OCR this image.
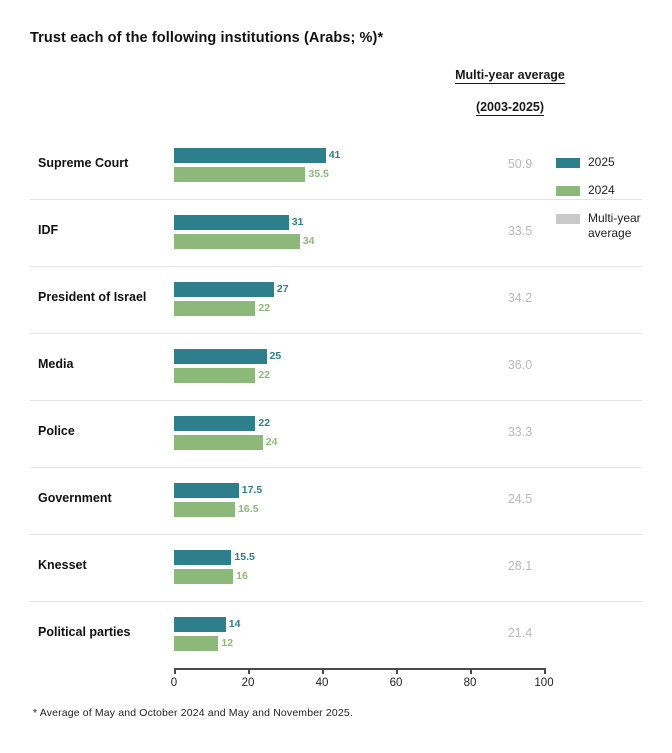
Trust each of the following institutions (Arabs; %)*
Multi-year average
(2003-2025)
2025
2024
Multi-year average
Supreme Court
41
35.5
50.9
IDF
31
34
33.5
President of Israel
27
22
34.2
Media
25
22
36.0
Police
22
24
33.3
Government
17.5
16.5
24.5
Knesset
15.5
16
28.1
Political parties
14
12
21.4
0	20	40	60	80	100
* Average of May and October 2024 and May and November 2025.
